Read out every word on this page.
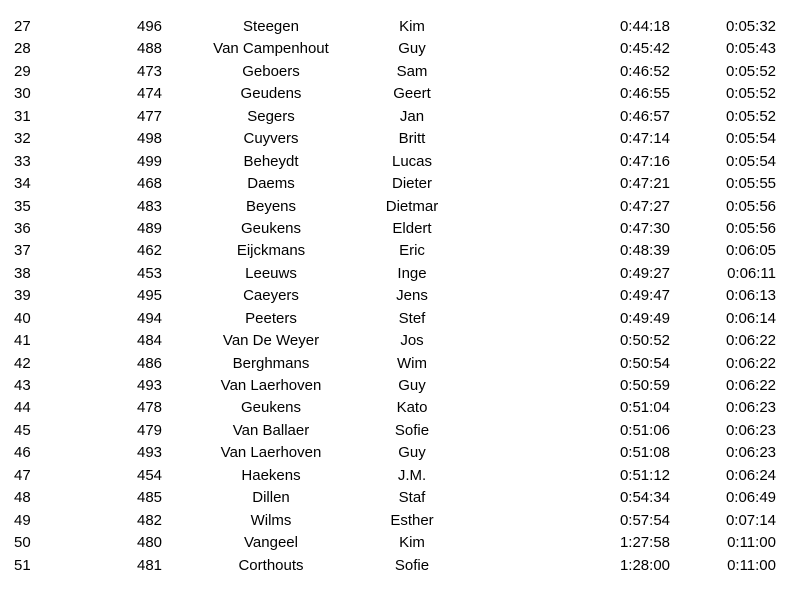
27	496	Steegen	Kim	0:44:18	0:05:32
28	488	Van Campenhout	Guy	0:45:42	0:05:43
29	473	Geboers	Sam	0:46:52	0:05:52
30	474	Geudens	Geert	0:46:55	0:05:52
31	477	Segers	Jan	0:46:57	0:05:52
32	498	Cuyvers	Britt	0:47:14	0:05:54
33	499	Beheydt	Lucas	0:47:16	0:05:54
34	468	Daems	Dieter	0:47:21	0:05:55
35	483	Beyens	Dietmar	0:47:27	0:05:56
36	489	Geukens	Eldert	0:47:30	0:05:56
37	462	Eijckmans	Eric	0:48:39	0:06:05
38	453	Leeuws	Inge	0:49:27	0:06:11
39	495	Caeyers	Jens	0:49:47	0:06:13
40	494	Peeters	Stef	0:49:49	0:06:14
41	484	Van De Weyer	Jos	0:50:52	0:06:22
42	486	Berghmans	Wim	0:50:54	0:06:22
43	493	Van Laerhoven	Guy	0:50:59	0:06:22
44	478	Geukens	Kato	0:51:04	0:06:23
45	479	Van Ballaer	Sofie	0:51:06	0:06:23
46	493	Van Laerhoven	Guy	0:51:08	0:06:23
47	454	Haekens	J.M.	0:51:12	0:06:24
48	485	Dillen	Staf	0:54:34	0:06:49
49	482	Wilms	Esther	0:57:54	0:07:14
50	480	Vangeel	Kim	1:27:58	0:11:00
51	481	Corthouts	Sofie	1:28:00	0:11:00
